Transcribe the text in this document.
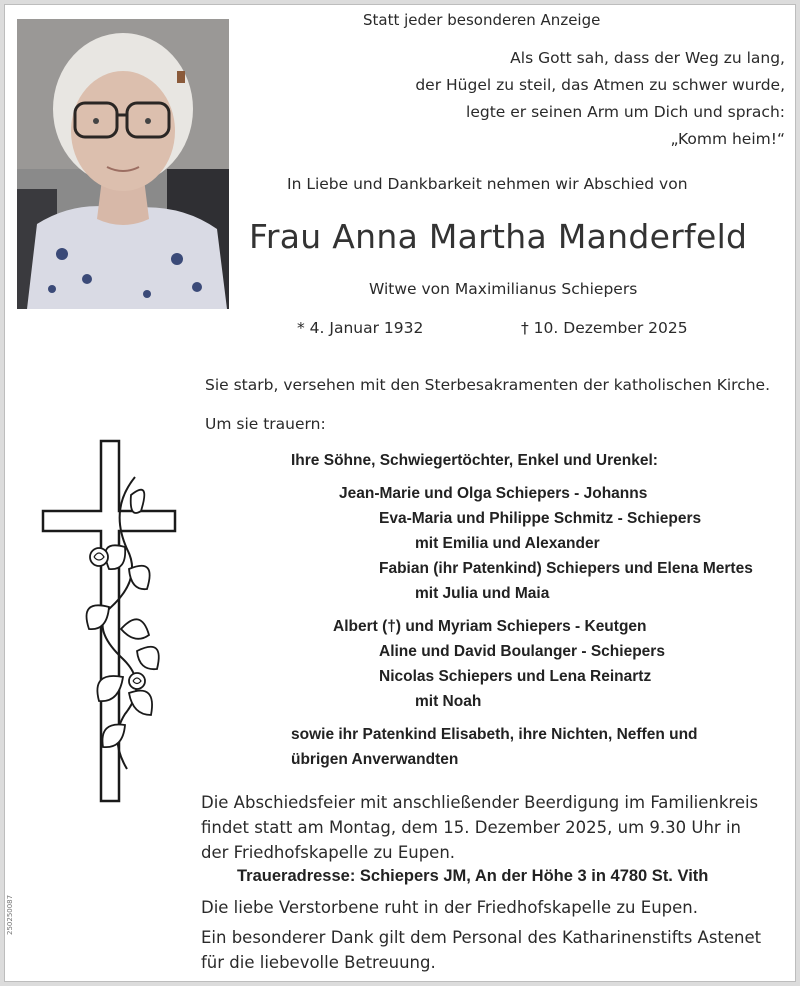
Statt jeder besonderen Anzeige
Als Gott sah, dass der Weg zu lang,
der Hügel zu steil, das Atmen zu schwer wurde,
legte er seinen Arm um Dich und sprach:
„Komm heim!“
In Liebe und Dankbarkeit nehmen wir Abschied von
Frau Anna Martha Manderfeld
Witwe von Maximilianus Schiepers
* 4. Januar 1932	† 10. Dezember 2025
Sie starb, versehen mit den Sterbesakramenten der katholischen Kirche.
Um sie trauern:
Ihre Söhne, Schwiegertöchter, Enkel und Urenkel:
Jean-Marie und Olga Schiepers - Johanns
Eva-Maria und Philippe Schmitz - Schiepers
mit Emilia und Alexander
Fabian (ihr Patenkind) Schiepers und Elena Mertes
mit Julia und Maia
Albert (†) und Myriam Schiepers - Keutgen
Aline und David Boulanger - Schiepers
Nicolas Schiepers und Lena Reinartz
mit Noah
sowie ihr Patenkind Elisabeth, ihre Nichten, Neffen und
übrigen Anverwandten
Die Abschiedsfeier mit anschließender Beerdigung im Familienkreis
findet statt am Montag, dem 15. Dezember 2025, um 9.30 Uhr in
der Friedhofskapelle zu Eupen.
Traueradresse: Schiepers JM, An der Höhe 3 in 4780 St. Vith
Die liebe Verstorbene ruht in der Friedhofskapelle zu Eupen.
Ein besonderer Dank gilt dem Personal des Katharinenstifts Astenet
für die liebevolle Betreuung.
250250087
